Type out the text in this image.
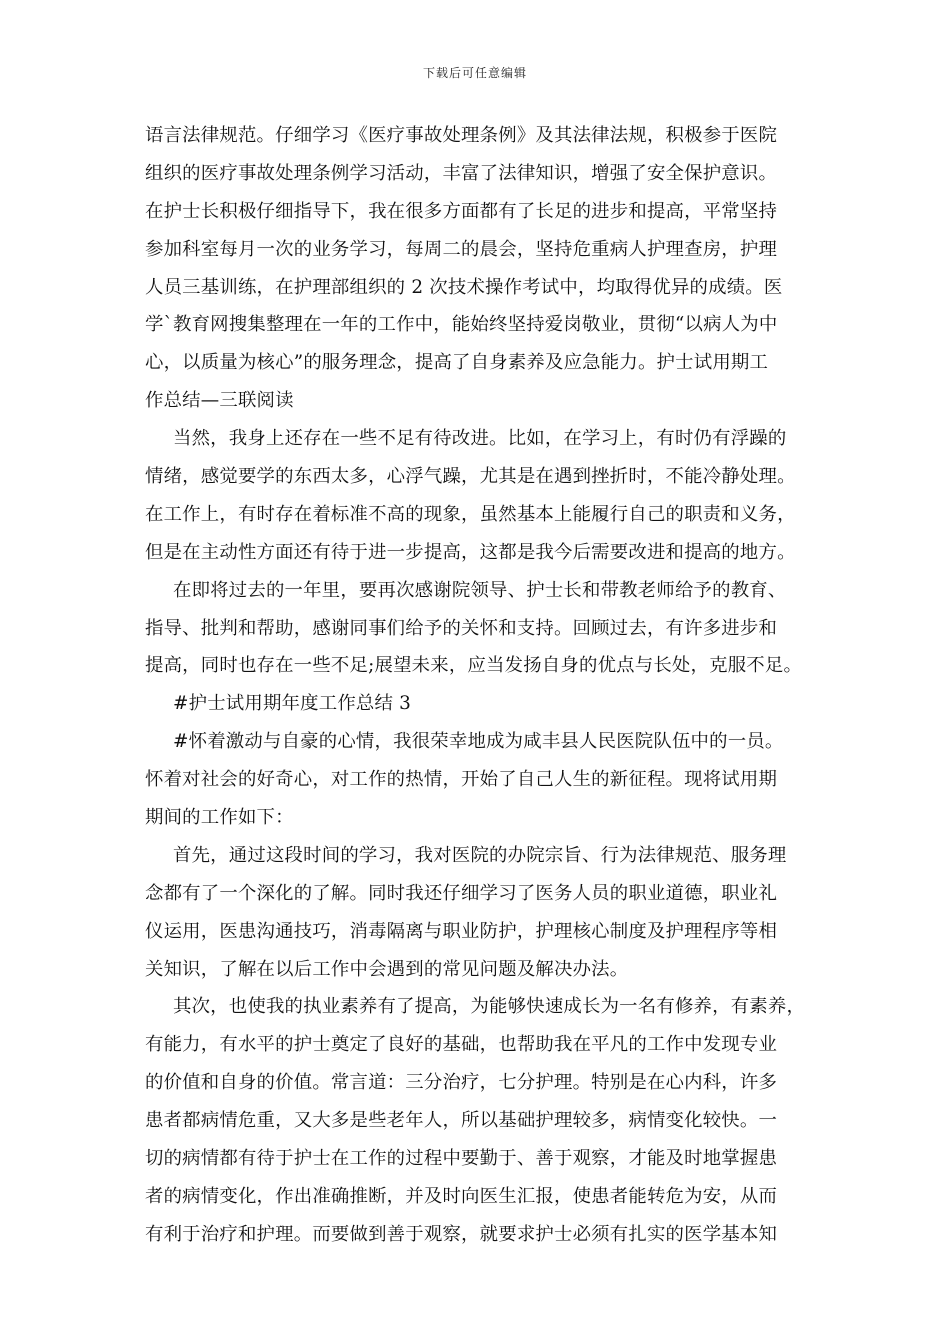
下载后可任意编辑
语言法律规范。仔细学习《医疗事故处理条例》及其法律法规，积极参于医院
组织的医疗事故处理条例学习活动，丰富了法律知识，增强了安全保护意识。
在护士长积极仔细指导下，我在很多方面都有了长足的进步和提高，平常坚持
参加科室每月一次的业务学习，每周二的晨会，坚持危重病人护理查房，护理
人员三基训练，在护理部组织的 2 次技术操作考试中，均取得优异的成绩。医
学`教育网搜集整理在一年的工作中，能始终坚持爱岗敬业，贯彻“以病人为中
心，以质量为核心”的服务理念，提高了自身素养及应急能力。护士试用期工
作总结—三联阅读
当然，我身上还存在一些不足有待改进。比如，在学习上，有时仍有浮躁的
情绪，感觉要学的东西太多，心浮气躁，尤其是在遇到挫折时，不能冷静处理。
在工作上，有时存在着标准不高的现象，虽然基本上能履行自己的职责和义务，
但是在主动性方面还有待于进一步提高，这都是我今后需要改进和提高的地方。
在即将过去的一年里，要再次感谢院领导、护士长和带教老师给予的教育、
指导、批判和帮助，感谢同事们给予的关怀和支持。回顾过去，有许多进步和
提高，同时也存在一些不足;展望未来，应当发扬自身的优点与长处，克服不足。
#护士试用期年度工作总结 3
#怀着激动与自豪的心情，我很荣幸地成为咸丰县人民医院队伍中的一员。
怀着对社会的好奇心，对工作的热情，开始了自己人生的新征程。现将试用期
期间的工作如下：
首先，通过这段时间的学习，我对医院的办院宗旨、行为法律规范、服务理
念都有了一个深化的了解。同时我还仔细学习了医务人员的职业道德，职业礼
仪运用，医患沟通技巧，消毒隔离与职业防护，护理核心制度及护理程序等相
关知识，了解在以后工作中会遇到的常见问题及解决办法。
其次，也使我的执业素养有了提高，为能够快速成长为一名有修养，有素养，
有能力，有水平的护士奠定了良好的基础，也帮助我在平凡的工作中发现专业
的价值和自身的价值。常言道：三分治疗，七分护理。特别是在心内科，许多
患者都病情危重，又大多是些老年人，所以基础护理较多，病情变化较快。一
切的病情都有待于护士在工作的过程中要勤于、善于观察，才能及时地掌握患
者的病情变化，作出准确推断，并及时向医生汇报，使患者能转危为安，从而
有利于治疗和护理。而要做到善于观察，就要求护士必须有扎实的医学基本知
